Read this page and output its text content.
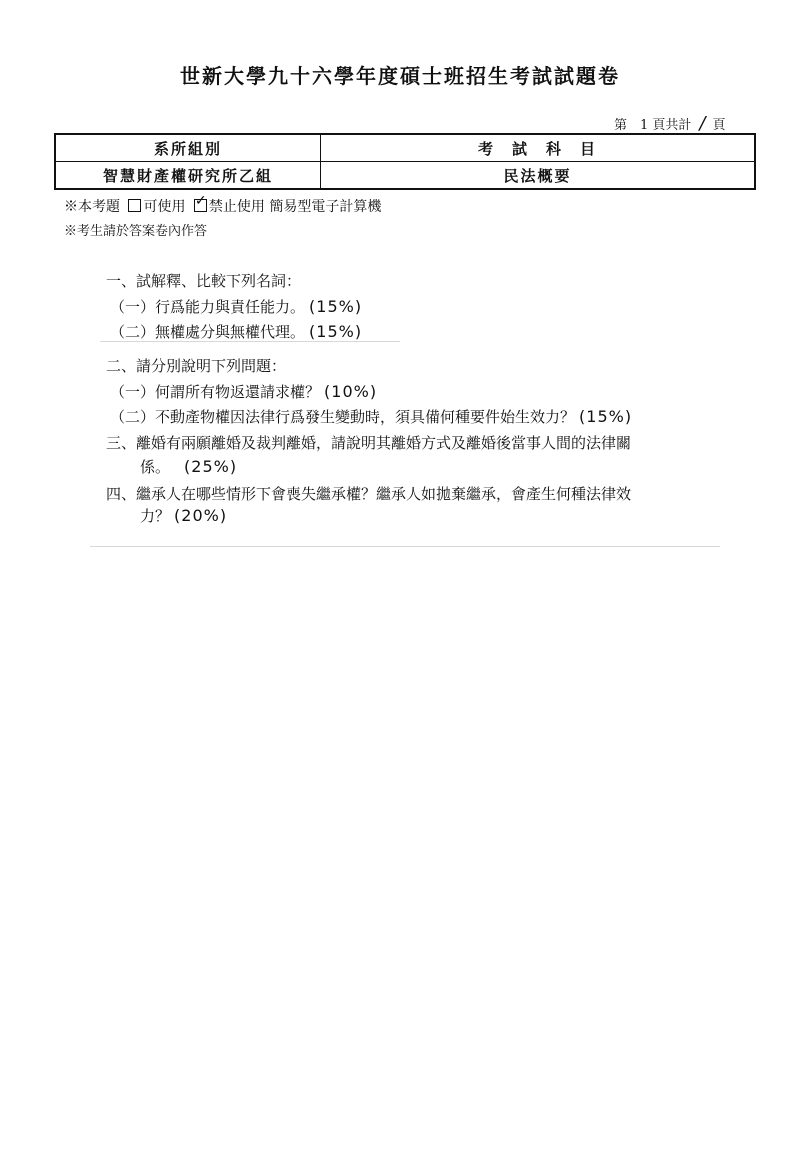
世新大學九十六學年度碩士班招生考試試題卷
第　1 頁共計 / 頁
系所組別	考　試　科　目
智慧財產權研究所乙組	民法概要
※本考題 可使用 ✓ 禁止使用 簡易型電子計算機
※考生請於答案卷內作答
一、試解釋、比較下列名詞：
（一）行爲能力與責任能力。 (15%)
（二）無權處分與無權代理。 (15%)
二、請分別說明下列問題：
（一）何謂所有物返還請求權？ (10%)
（二）不動產物權因法律行爲發生變動時，須具備何種要件始生效力？ (15%)
三、離婚有兩願離婚及裁判離婚，請說明其離婚方式及離婚後當事人間的法律關
係。 (25%)
四、繼承人在哪些情形下會喪失繼承權？繼承人如拋棄繼承，會產生何種法律效
力？ (20%)
